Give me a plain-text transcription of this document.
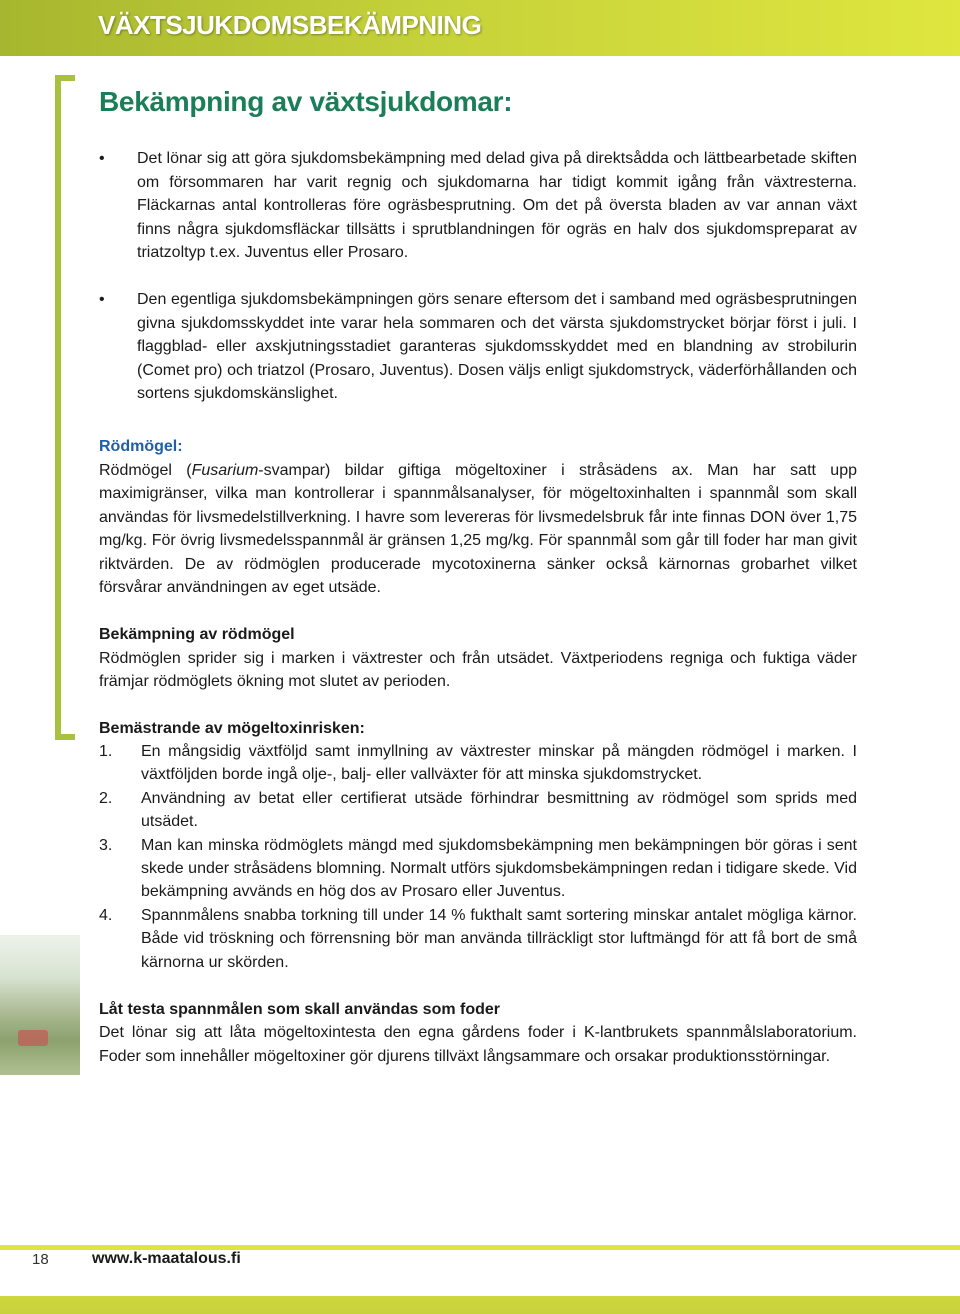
VÄXTSJUKDOMSBEKÄMPNING
Bekämpning av växtsjukdomar:
• Det lönar sig att göra sjukdomsbekämpning med delad giva på direktsådda och lättbearbetade skiften om försommaren har varit regnig och sjukdomarna har tidigt kommit igång från växtresterna. Fläckarnas antal kontrolleras före ogräsbesprutning. Om det på översta bladen av var annan växt finns några sjukdomsfläckar tillsätts i sprutblandningen för ogräs en halv dos sjukdomspreparat av triatzoltyp t.ex. Juventus eller Prosaro.
• Den egentliga sjukdomsbekämpningen görs senare eftersom det i samband med ogräsbesprutningen givna sjukdomsskyddet inte varar hela sommaren och det värsta sjukdomstrycket börjar först i juli. I flaggblad- eller axskjutningsstadiet garanteras sjukdomsskyddet med en blandning av strobilurin (Comet pro) och triatzol (Prosaro, Juventus). Dosen väljs enligt sjukdomstryck, väderförhållanden och sortens sjukdomskänslighet.

Rödmögel:

Rödmögel (Fusarium-svampar) bildar giftiga mögeltoxiner i stråsädens ax. Man har satt upp maximigränser, vilka man kontrollerar i spannmålsanalyser, för mögeltoxinhalten i spannmål som skall användas för livsmedelstillverkning. I havre som levereras för livsmedelsbruk får inte finnas DON över 1,75 mg/kg. För övrig livsmedelsspannmål är gränsen 1,25 mg/kg. För spannmål som går till foder har man givit riktvärden. De av rödmöglen producerade mycotoxinerna sänker också kärnornas grobarhet vilket försvårar användningen av eget utsäde.

Bekämpning av rödmögel

Rödmöglen sprider sig i marken i växtrester och från utsädet. Växtperiodens regniga och fuktiga väder främjar rödmöglets ökning mot slutet av perioden.

Bemästrande av mögeltoxinrisken:

1. En mångsidig växtföljd samt inmyllning av växtrester minskar på mängden rödmögel i marken. I växtföljden borde ingå olje-, balj- eller vallväxter för att minska sjukdomstrycket.
2. Användning av betat eller certifierat utsäde förhindrar besmittning av rödmögel som sprids med utsädet.
3. Man kan minska rödmöglets mängd med sjukdomsbekämpning men bekämpningen bör göras i sent skede under stråsädens blomning. Normalt utförs sjukdomsbekämpningen redan i tidigare skede. Vid bekämpning avvänds en hög dos av Prosaro eller Juventus.
4. Spannmålens snabba torkning till under 14 % fukthalt samt sortering minskar antalet mögliga kärnor. Både vid tröskning och förrensning bör man använda tillräckligt stor luftmängd för att få bort de små kärnorna ur skörden.

Låt testa spannmålen som skall användas som foder

Det lönar sig att låta mögeltoxintesta den egna gårdens foder i K-lantbrukets spannmålslaboratorium. Foder som innehåller mögeltoxiner gör djurens tillväxt långsammare och orsakar produktionsstörningar.

18	www.k-maatalous.fi
